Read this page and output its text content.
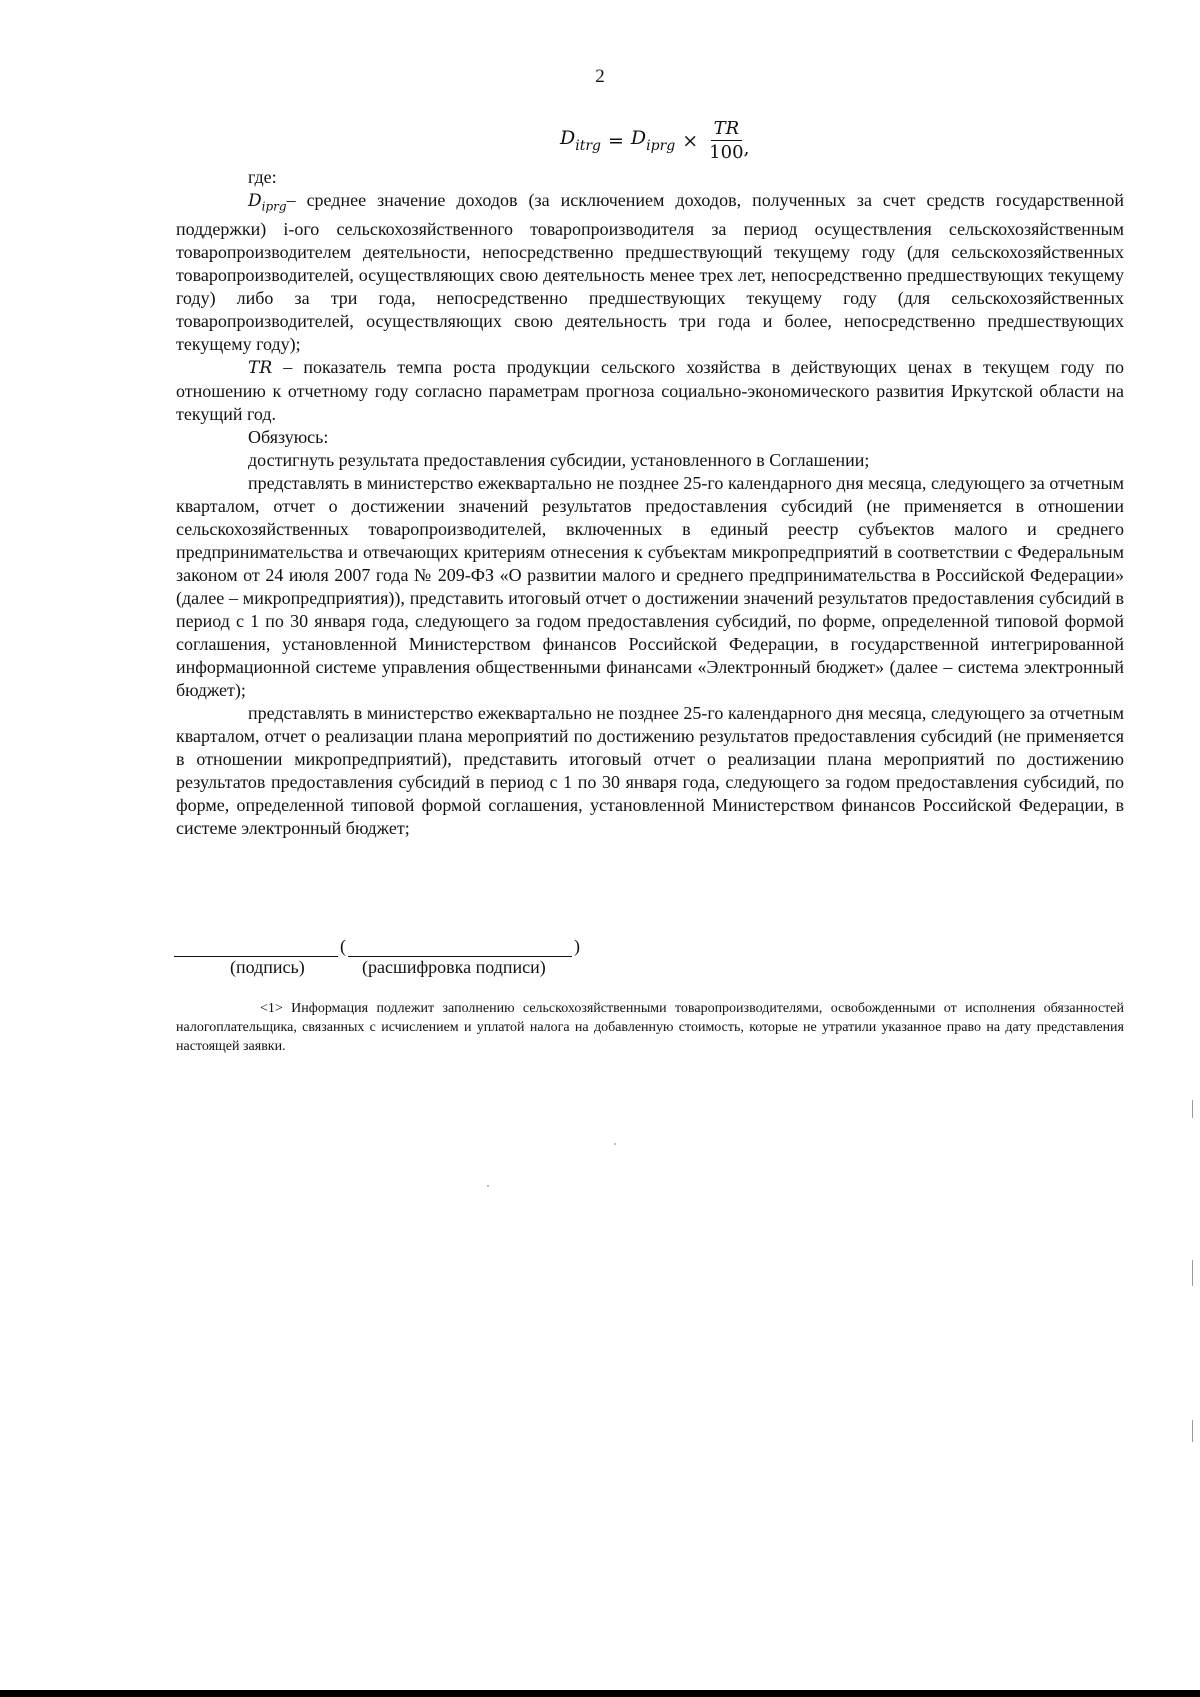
2
$D_{itrg} = D_{iprg} \times \frac{TR}{100}$ ,

где:

$D_{iprg}-$ среднее значение доходов (за исключением доходов, полученных за счет средств государственной поддержки) i-ого сельскохозяйственного товаропроизводителя за период осуществления сельскохозяйственным товаропроизводителем деятельности, непосредственно предшествующий текущему году (для сельскохозяйственных товаропроизводителей, осуществляющих свою деятельность менее трех лет, непосредственно предшествующих текущему году) либо за три года, непосредственно предшествующих текущему году (для сельскохозяйственных товаропроизводителей, осуществляющих свою деятельность три года и более, непосредственно предшествующих текущему году);

TR – показатель темпа роста продукции сельского хозяйства в действующих ценах в текущем году по отношению к отчетному году согласно параметрам прогноза социально-экономического развития Иркутской области на текущий год.

Обязуюсь:

достигнуть результата предоставления субсидии, установленного в Соглашении;

представлять в министерство ежеквартально не позднее 25-го календарного дня месяца, следующего за отчетным кварталом, отчет о достижении значений результатов предоставления субсидий (не применяется в отношении сельскохозяйственных товаропроизводителей, включенных в единый реестр субъектов малого и среднего предпринимательства и отвечающих критериям отнесения к субъектам микропредприятий в соответствии с Федеральным законом от 24 июля 2007 года № 209-ФЗ «О развитии малого и среднего предпринимательства в Российской Федерации» (далее – микропредприятия)), представить итоговый отчет о достижении значений результатов предоставления субсидий в период с 1 по 30 января года, следующего за годом предоставления субсидий, по форме, определенной типовой формой соглашения, установленной Министерством финансов Российской Федерации, в государственной интегрированной информационной системе управления общественными финансами «Электронный бюджет» (далее – система электронный бюджет);

представлять в министерство ежеквартально не позднее 25-го календарного дня месяца, следующего за отчетным кварталом, отчет о реализации плана мероприятий по достижению результатов предоставления субсидий (не применяется в отношении микропредприятий), представить итоговый отчет о реализации плана мероприятий по достижению результатов предоставления субсидий в период с 1 по 30 января года, следующего за годом предоставления субсидий, по форме, определенной типовой формой соглашения, установленной Министерством финансов Российской Федерации, в системе электронный бюджет;

(	)
(подпись)	(расшифровка подписи)
<1> Информация подлежит заполнению сельскохозяйственными товаропроизводителями, освобожденными от исполнения обязанностей налогоплательщика, связанных с исчислением и уплатой налога на добавленную стоимость, которые не утратили указанное право на дату представления настоящей заявки.
